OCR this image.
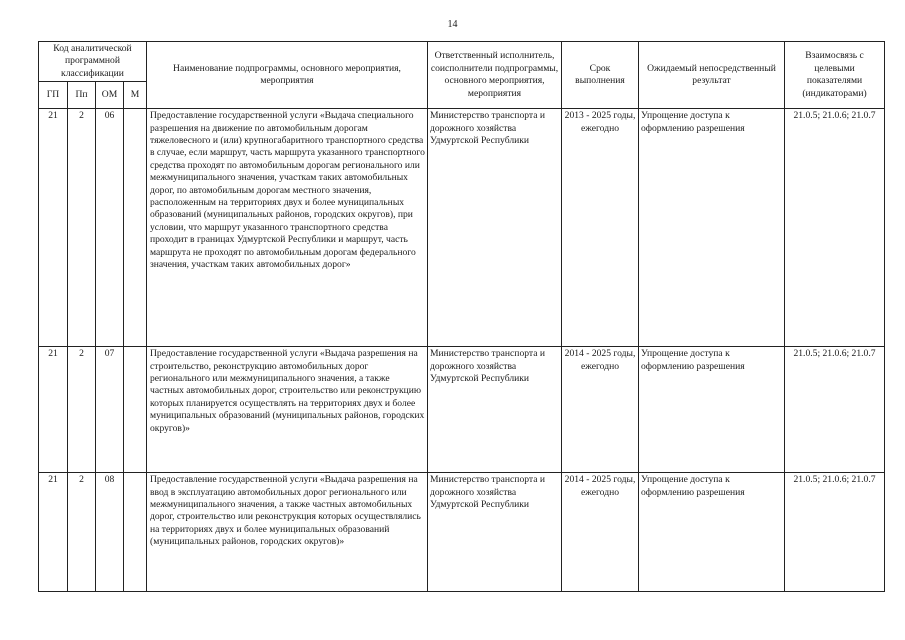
14
Код аналитической программной классификации				Наименование подпрограммы, основного мероприятия, мероприятия	Ответственный исполнитель, соисполнители подпрограммы, основного мероприятия, мероприятия	Срок выполнения	Ожидаемый непосредственный результат	Взаимосвязь с целевыми показателями (индикаторами)
ГП	Пп	ОМ	М					
21	2	06		Предоставление государственной услуги «Выдача специального разрешения на движение по автомобильным дорогам тяжеловесного и (или) крупногабаритного транспортного средства в случае, если маршрут, часть маршрута указанного транспортного средства проходят по автомобильным дорогам регионального или межмуниципального значения, участкам таких автомобильных дорог, по автомобильным дорогам местного значения, расположенным на территориях двух и более муниципальных образований (муниципальных районов, городских округов), при условии, что маршрут указанного транспортного средства проходит в границах Удмуртской Республики и маршрут, часть маршрута не проходят по автомобильным дорогам федерального значения, участкам таких автомобильных дорог»	Министерство транспорта и дорожного хозяйства Удмуртской Республики	2013 - 2025 годы, ежегодно	Упрощение доступа к оформлению разрешения	21.0.5; 21.0.6; 21.0.7
21	2	07		Предоставление государственной услуги «Выдача разрешения на строительство, реконструкцию автомобильных дорог регионального или межмуниципального значения, а также частных автомобильных дорог, строительство или реконструкцию которых планируется осуществлять на территориях двух и более муниципальных образований (муниципальных районов, городских округов)»	Министерство транспорта и дорожного хозяйства Удмуртской Республики	2014 - 2025 годы, ежегодно	Упрощение доступа к оформлению разрешения	21.0.5; 21.0.6; 21.0.7
21	2	08		Предоставление государственной услуги «Выдача разрешения на ввод в эксплуатацию автомобильных дорог регионального или межмуниципального значения, а также частных автомобильных дорог, строительство или реконструкция которых осуществлялись на территориях двух и более муниципальных образований (муниципальных районов, городских округов)»	Министерство транспорта и дорожного хозяйства Удмуртской Республики	2014 - 2025 годы, ежегодно	Упрощение доступа к оформлению разрешения	21.0.5; 21.0.6; 21.0.7
